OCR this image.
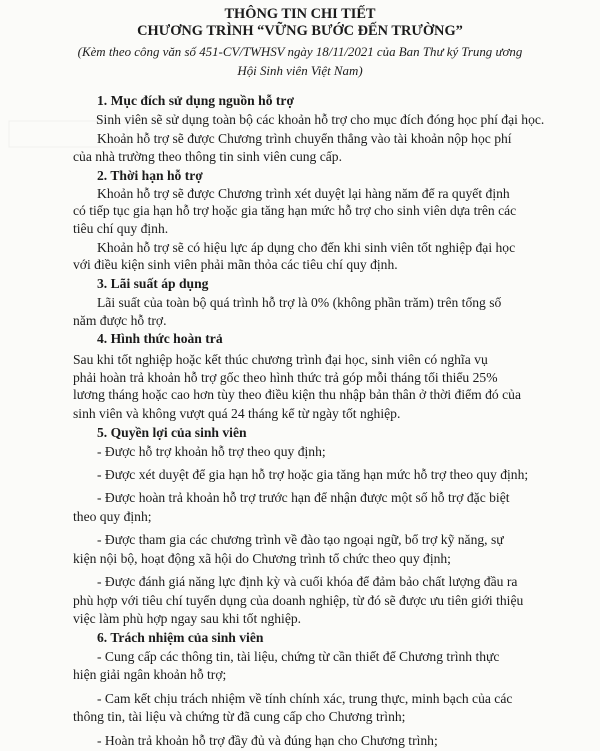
THÔNG TIN CHI TIẾT
CHƯƠNG TRÌNH “VỮNG BƯỚC ĐẾN TRƯỜNG”
(Kèm theo công văn số 451-CV/TWHSV ngày 18/11/2021 của Ban Thư ký Trung ương
Hội Sinh viên Việt Nam)
1. Mục đích sử dụng nguồn hỗ trợ
Sinh viên sẽ sử dụng toàn bộ các khoản hỗ trợ cho mục đích đóng học phí đại học.
Khoản hỗ trợ sẽ được Chương trình chuyển thẳng vào tài khoản nộp học phí
của nhà trường theo thông tin sinh viên cung cấp.
2. Thời hạn hỗ trợ
Khoản hỗ trợ sẽ được Chương trình xét duyệt lại hàng năm để ra quyết định
có tiếp tục gia hạn hỗ trợ hoặc gia tăng hạn mức hỗ trợ cho sinh viên dựa trên các
tiêu chí quy định.
Khoản hỗ trợ sẽ có hiệu lực áp dụng cho đến khi sinh viên tốt nghiệp đại học
với điều kiện sinh viên phải mãn thỏa các tiêu chí quy định.
3. Lãi suất áp dụng
Lãi suất của toàn bộ quá trình hỗ trợ là 0% (không phần trăm) trên tổng số
năm được hỗ trợ.
4. Hình thức hoàn trả
Sau khi tốt nghiệp hoặc kết thúc chương trình đại học, sinh viên có nghĩa vụ
phải hoàn trả khoản hỗ trợ gốc theo hình thức trả góp mỗi tháng tối thiểu 25%
lương tháng hoặc cao hơn tùy theo điều kiện thu nhập bản thân ở thời điểm đó của
sinh viên và không vượt quá 24 tháng kể từ ngày tốt nghiệp.
5. Quyền lợi của sinh viên
- Được hỗ trợ khoản hỗ trợ theo quy định;
- Được xét duyệt để gia hạn hỗ trợ hoặc gia tăng hạn mức hỗ trợ theo quy định;
- Được hoàn trả khoản hỗ trợ trước hạn để nhận được một số hỗ trợ đặc biệt
theo quy định;
- Được tham gia các chương trình về đào tạo ngoại ngữ, bổ trợ kỹ năng, sự
kiện nội bộ, hoạt động xã hội do Chương trình tổ chức theo quy định;
- Được đánh giá năng lực định kỳ và cuối khóa để đảm bảo chất lượng đầu ra
phù hợp với tiêu chí tuyển dụng của doanh nghiệp, từ đó sẽ được ưu tiên giới thiệu
việc làm phù hợp ngay sau khi tốt nghiệp.
6. Trách nhiệm của sinh viên
- Cung cấp các thông tin, tài liệu, chứng từ cần thiết để Chương trình thực
hiện giải ngân khoản hỗ trợ;
- Cam kết chịu trách nhiệm về tính chính xác, trung thực, minh bạch của các
thông tin, tài liệu và chứng từ đã cung cấp cho Chương trình;
- Hoàn trả khoản hỗ trợ đầy đủ và đúng hạn cho Chương trình;
